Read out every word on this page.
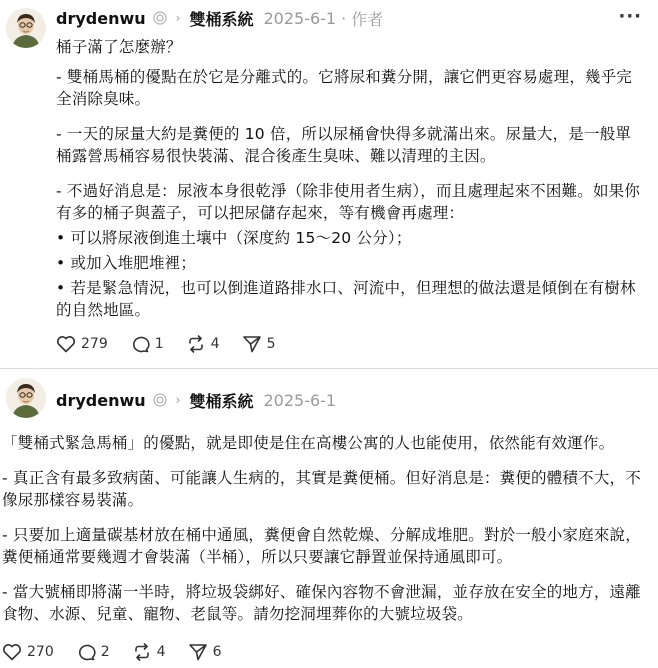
drydenwu	› 雙桶系統 2025-6-1 · 作者	···

桶子滿了怎麼辦？

- 雙桶馬桶的優點在於它是分離式的。它將尿和糞分開，讓它們更容易處理，幾乎完全消除臭味。

- 一天的尿量大約是糞便的 10 倍，所以尿桶會快得多就滿出來。尿量大，是一般單桶露營馬桶容易很快裝滿、混合後產生臭味、難以清理的主因。

- 不過好消息是：尿液本身很乾淨（除非使用者生病），而且處理起來不困難。如果你有多的桶子與蓋子，可以把尿儲存起來，等有機會再處理：

• 可以將尿液倒進土壤中（深度約 15～20 公分）；

• 或加入堆肥堆裡；

• 若是緊急情況，也可以倒進道路排水口、河流中，但理想的做法還是傾倒在有樹林的自然地區。

279	1	4	5
drydenwu	› 雙桶系統 2025-6-1

「雙桶式緊急馬桶」的優點，就是即使是住在高樓公寓的人也能使用，依然能有效運作。

- 真正含有最多致病菌、可能讓人生病的，其實是糞便桶。但好消息是：糞便的體積不大，不像尿那樣容易裝滿。

- 只要加上適量碳基材放在桶中通風，糞便會自然乾燥、分解成堆肥。對於一般小家庭來說，糞便桶通常要幾週才會裝滿（半桶），所以只要讓它靜置並保持通風即可。

- 當大號桶即將滿一半時，將垃圾袋綁好、確保內容物不會泄漏，並存放在安全的地方，遠離食物、水源、兒童、寵物、老鼠等。請勿挖洞埋葬你的大號垃圾袋。

270	2	4	6
